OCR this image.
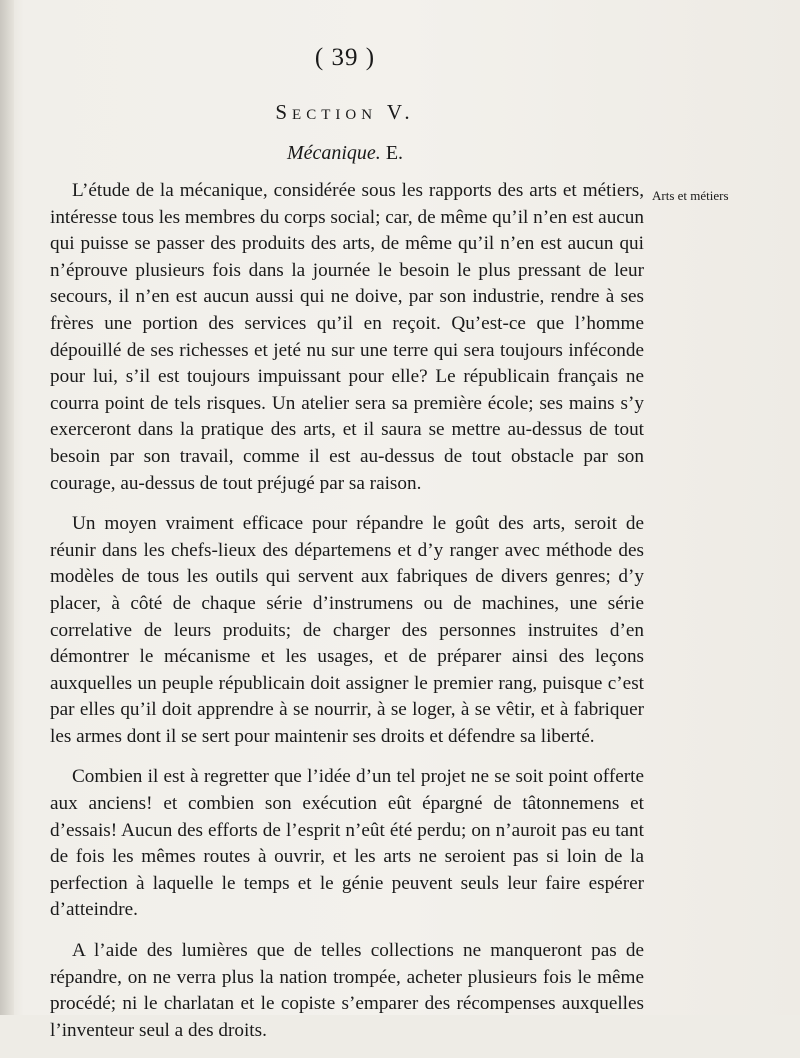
( 39 )
Section V.
Mécanique. E.
Arts et métiers

L’étude de la mécanique, considérée sous les rapports des arts et métiers, intéresse tous les membres du corps social; car, de même qu’il n’en est aucun qui puisse se passer des produits des arts, de même qu’il n’en est aucun qui n’éprouve plusieurs fois dans la journée le besoin le plus pressant de leur secours, il n’en est aucun aussi qui ne doive, par son industrie, rendre à ses frères une portion des services qu’il en reçoit. Qu’est-ce que l’homme dépouillé de ses richesses et jeté nu sur une terre qui sera toujours inféconde pour lui, s’il est toujours impuissant pour elle? Le républicain français ne courra point de tels risques. Un atelier sera sa première école; ses mains s’y exerceront dans la pratique des arts, et il saura se mettre au-dessus de tout besoin par son travail, comme il est au-dessus de tout obstacle par son courage, au-dessus de tout préjugé par sa raison.

Un moyen vraiment efficace pour répandre le goût des arts, seroit de réunir dans les chefs-lieux des départemens et d’y ranger avec méthode des modèles de tous les outils qui servent aux fabriques de divers genres; d’y placer, à côté de chaque série d’instrumens ou de machines, une série correlative de leurs produits; de charger des personnes instruites d’en démontrer le mécanisme et les usages, et de préparer ainsi des leçons auxquelles un peuple républicain doit assigner le premier rang, puisque c’est par elles qu’il doit apprendre à se nourrir, à se loger, à se vêtir, et à fabriquer les armes dont il se sert pour maintenir ses droits et défendre sa liberté.

Combien il est à regretter que l’idée d’un tel projet ne se soit point offerte aux anciens! et combien son exécution eût épargné de tâtonnemens et d’essais! Aucun des efforts de l’esprit n’eût été perdu; on n’auroit pas eu tant de fois les mêmes routes à ouvrir, et les arts ne seroient pas si loin de la perfection à laquelle le temps et le génie peuvent seuls leur faire espérer d’atteindre.

A l’aide des lumières que de telles collections ne manqueront pas de répandre, on ne verra plus la nation trompée, acheter plusieurs fois le même procédé; ni le charlatan et le copiste s’emparer des récompenses auxquelles l’inventeur seul a des droits.
